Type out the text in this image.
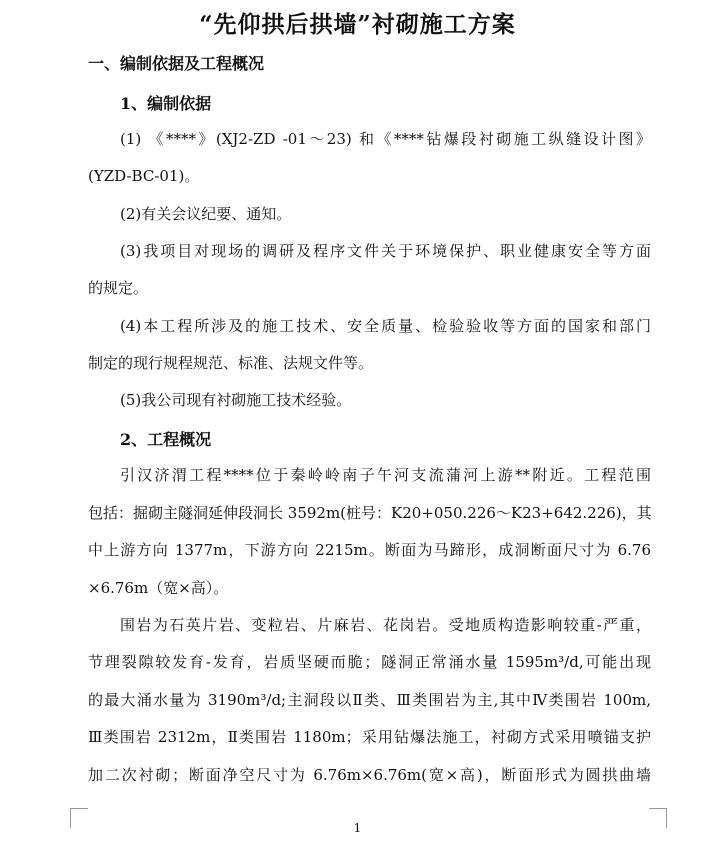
“先仰拱后拱墙”衬砌施工方案

一、编制依据及工程概况

1、编制依据

(1) 《****》(XJ2-ZD -01～23) 和《****钻爆段衬砌施工纵缝设计图》

(YZD-BC-01)。

(2)有关会议纪要、通知。

(3)我项目对现场的调研及程序文件关于环境保护、职业健康安全等方面

的规定。

(4)本工程所涉及的施工技术、安全质量、检验验收等方面的国家和部门

制定的现行规程规范、标准、法规文件等。

(5)我公司现有衬砌施工技术经验。

2、工程概况

引汉济渭工程****位于秦岭岭南子午河支流蒲河上游**附近。工程范围

包括：掘砌主隧洞延伸段洞长 3592m(桩号：K20+050.226～K23+642.226)，其

中上游方向 1377m，下游方向 2215m。断面为马蹄形，成洞断面尺寸为 6.76

×6.76m（宽×高）。

围岩为石英片岩、变粒岩、片麻岩、花岗岩。受地质构造影响较重-严重，

节理裂隙较发育-发育，岩质坚硬而脆；隧洞正常涌水量 1595m³/d,可能出现

的最大涌水量为 3190m³/d;主洞段以Ⅱ类、Ⅲ类围岩为主,其中Ⅳ类围岩 100m,

Ⅲ类围岩 2312m，Ⅱ类围岩 1180m；采用钻爆法施工，衬砌方式采用喷锚支护

加二次衬砌；断面净空尺寸为 6.76m×6.76m(宽×高)，断面形式为圆拱曲墙

1
